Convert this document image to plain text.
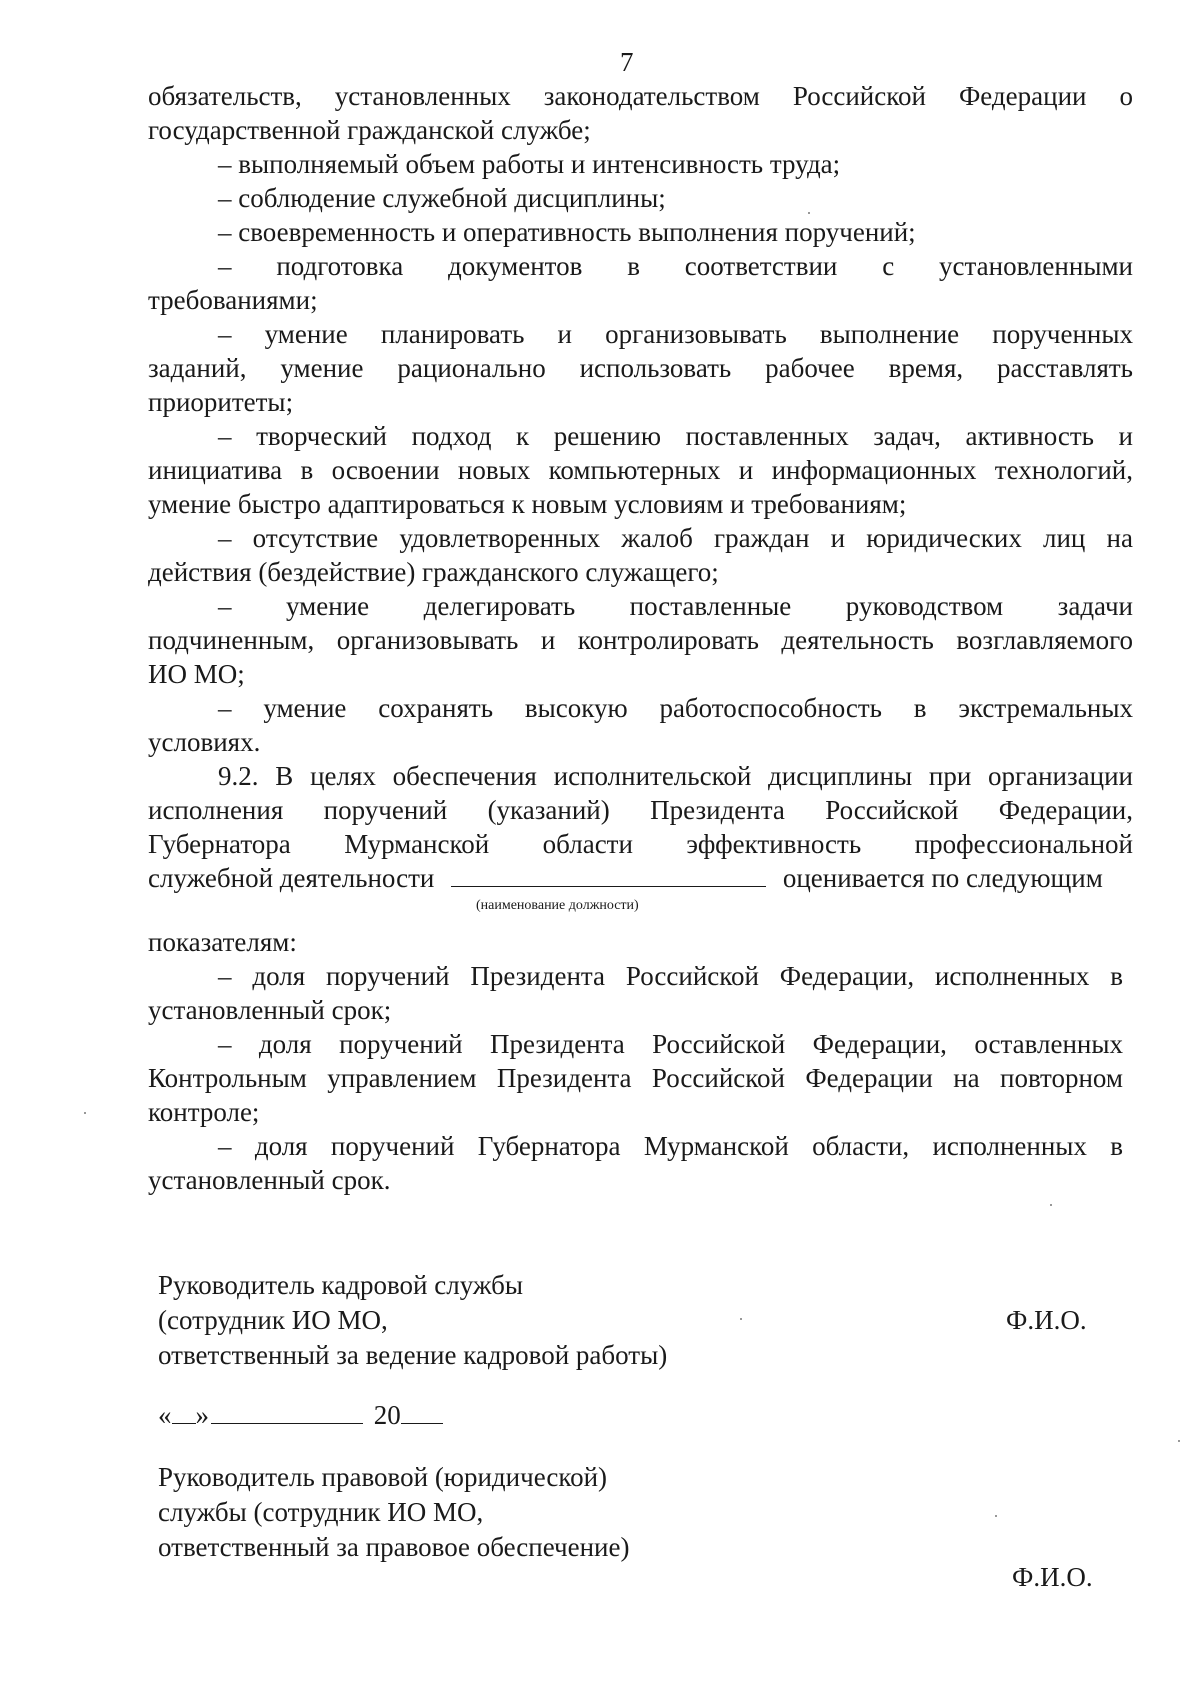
7
обязательств, установленных законодательством Российской Федерации о
государственной гражданской службе;
– выполняемый объем работы и интенсивность труда;
– соблюдение служебной дисциплины;
– своевременность и оперативность выполнения поручений;
– подготовка документов в соответствии с установленными
требованиями;
– умение планировать и организовывать выполнение порученных
заданий, умение рационально использовать рабочее время, расставлять
приоритеты;
– творческий подход к решению поставленных задач, активность и
инициатива в освоении новых компьютерных и информационных технологий,
умение быстро адаптироваться к новым условиям и требованиям;
– отсутствие удовлетворенных жалоб граждан и юридических лиц на
действия (бездействие) гражданского служащего;
– умение делегировать поставленные руководством задачи
подчиненным, организовывать и контролировать деятельность возглавляемого
ИО МО;
– умение сохранять высокую работоспособность в экстремальных
условиях.
9.2. В целях обеспечения исполнительской дисциплины при организации
исполнения поручений (указаний) Президента Российской Федерации,
Губернатора Мурманской области эффективность профессиональной
служебной деятельности	оценивается по следующим
(наименование должности)
показателям:
– доля поручений Президента Российской Федерации, исполненных в
установленный срок;
– доля поручений Президента Российской Федерации, оставленных
Контрольным управлением Президента Российской Федерации на повторном
контроле;
– доля поручений Губернатора Мурманской области, исполненных в
установленный срок.
Руководитель кадровой службы
(сотрудник ИО МО,
ответственный за ведение кадровой работы)
Ф.И.О.
« »	20
Руководитель правовой (юридической)
службы (сотрудник ИО МО,
ответственный за правовое обеспечение)
Ф.И.О.
